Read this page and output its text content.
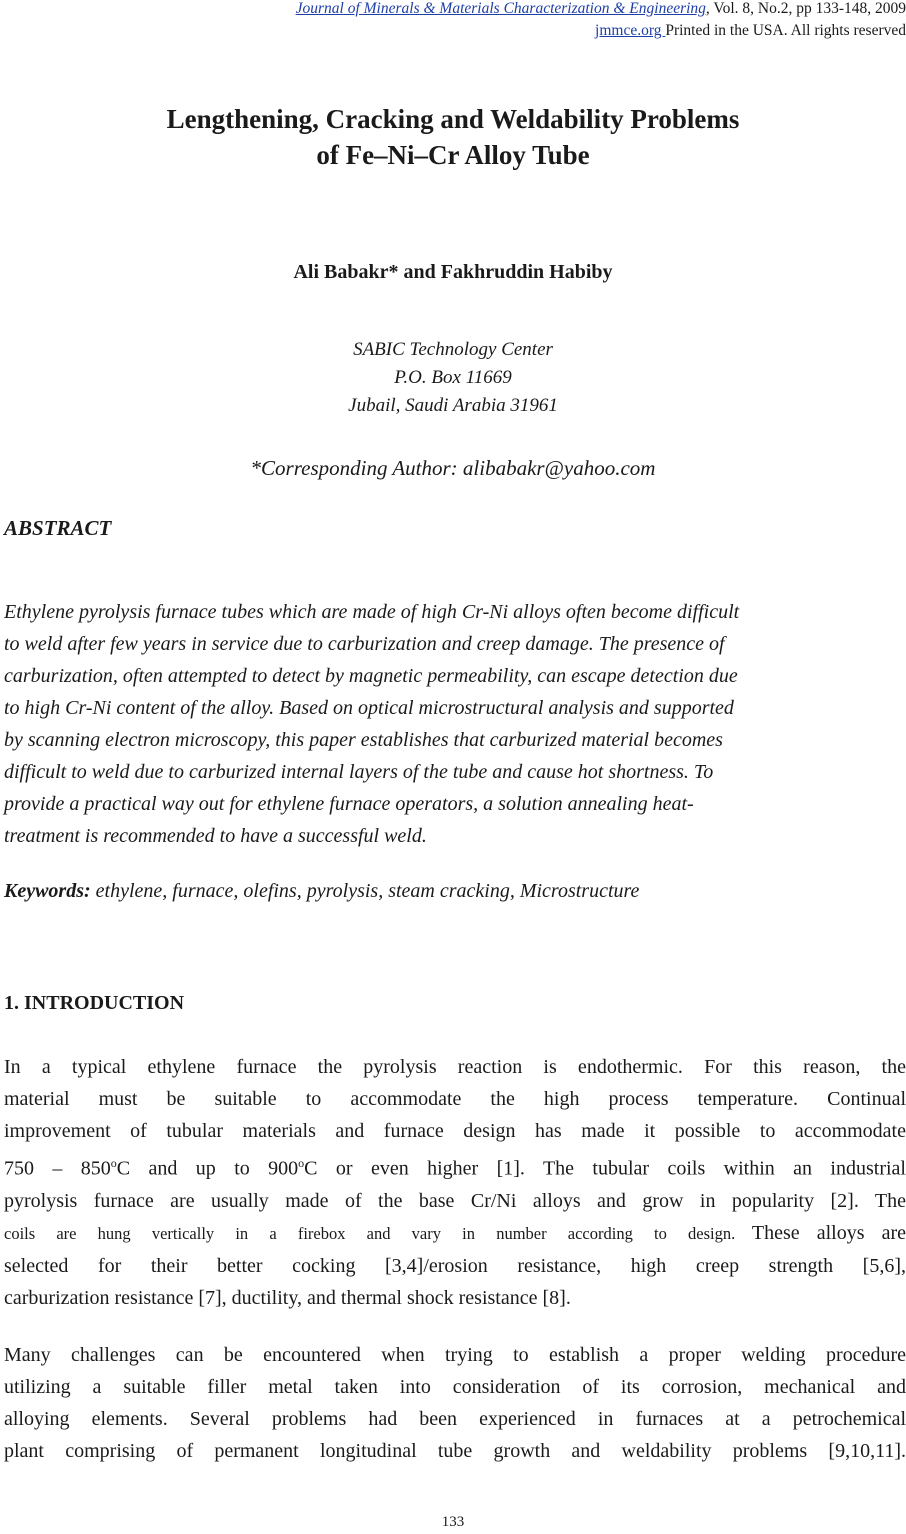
Journal of Minerals & Materials Characterization & Engineering, Vol. 8, No.2, pp 133-148, 2009
jmmce.org Printed in the USA. All rights reserved
Lengthening, Cracking and Weldability Problems
of Fe–Ni–Cr Alloy Tube
Ali Babakr* and Fakhruddin Habiby
SABIC Technology Center
P.O. Box 11669
Jubail, Saudi Arabia 31961
*Corresponding Author: alibabakr@yahoo.com
ABSTRACT
Ethylene pyrolysis furnace tubes which are made of high Cr-Ni alloys often become difficult
to weld after few years in service due to carburization and creep damage. The presence of
carburization, often attempted to detect by magnetic permeability, can escape detection due
to high Cr-Ni content of the alloy. Based on optical microstructural analysis and supported
by scanning electron microscopy, this paper establishes that carburized material becomes
difficult to weld due to carburized internal layers of the tube and cause hot shortness. To
provide a practical way out for ethylene furnace operators, a solution annealing heat-
treatment is recommended to have a successful weld.
Keywords: ethylene, furnace, olefins, pyrolysis, steam cracking, Microstructure
1. INTRODUCTION
In a typical ethylene furnace the pyrolysis reaction is endothermic. For this reason, the
material must be suitable to accommodate the high process temperature. Continual
improvement of tubular materials and furnace design has made it possible to accommodate
750 – 850$^o$C and up to 900$^o$C or even higher [1]. The tubular coils within an industrial
pyrolysis furnace are usually made of the base Cr/Ni alloys and grow in popularity [2]. The
coils are hung vertically in a firebox and vary in number according to design. These alloys are
selected for their better cocking [3,4]/erosion resistance, high creep strength [5,6],
carburization resistance [7], ductility, and thermal shock resistance [8].
Many challenges can be encountered when trying to establish a proper welding procedure
utilizing a suitable filler metal taken into consideration of its corrosion, mechanical and
alloying elements. Several problems had been experienced in furnaces at a petrochemical
plant comprising of permanent longitudinal tube growth and weldability problems [9,10,11].
133
